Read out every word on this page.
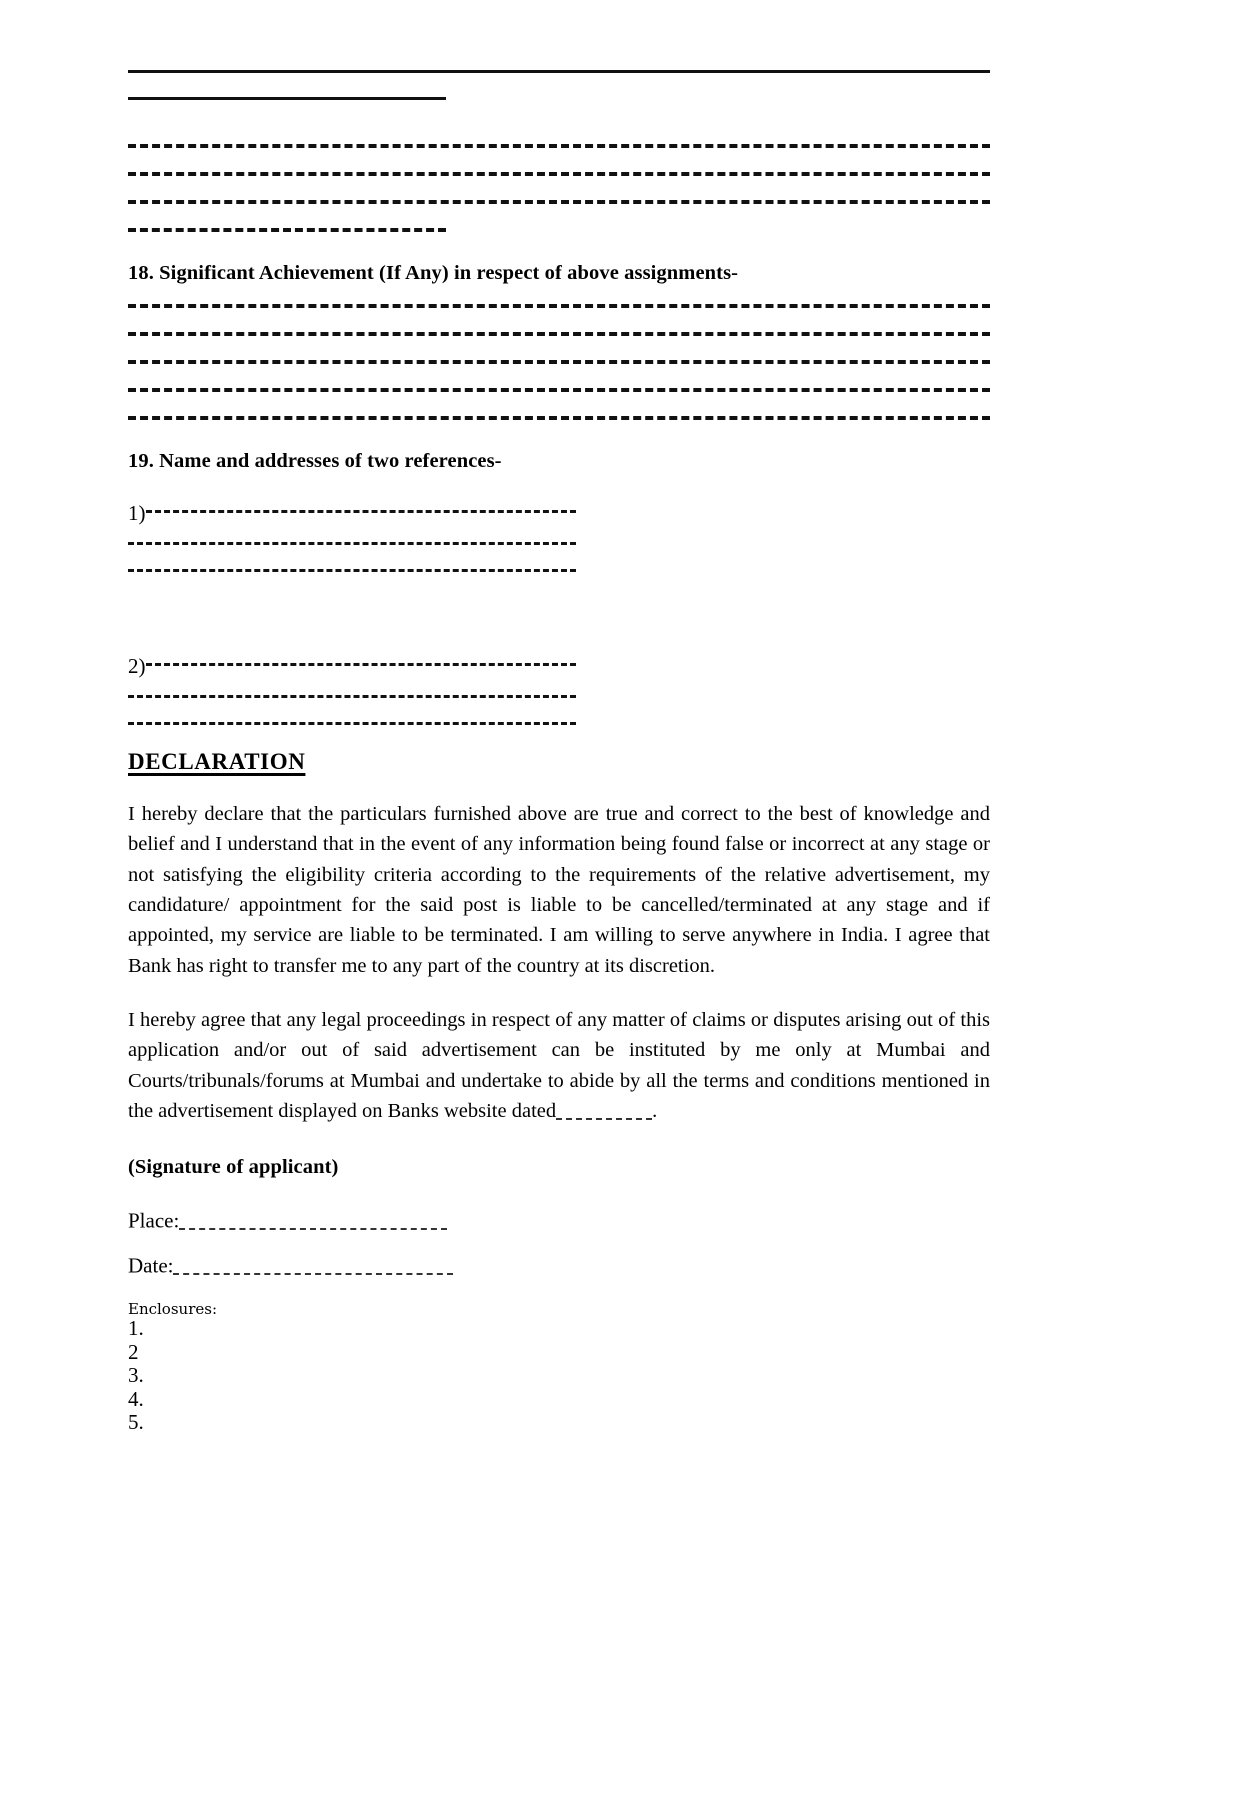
18. Significant Achievement (If Any) in respect of above assignments-
19. Name and addresses of two references-
1)
2)
DECLARATION

I hereby declare that the particulars furnished above are true and correct to the best of knowledge and belief and I understand that in the event of any information being found false or incorrect at any stage or not satisfying the eligibility criteria according to the requirements of the relative advertisement, my candidature/ appointment for the said post is liable to be cancelled/terminated at any stage and if appointed, my service are liable to be terminated. I am willing to serve anywhere in India. I agree that Bank has right to transfer me to any part of the country at its discretion.

I hereby agree that any legal proceedings in respect of any matter of claims or disputes arising out of this application and/or out of said advertisement can be instituted by me only at Mumbai and Courts/tribunals/forums at Mumbai and undertake to abide by all the terms and conditions mentioned in the advertisement displayed on Banks website dated	.

(Signature of applicant)
Place:
Date:
Enclosures:
1.
2
3.
4.
5.
